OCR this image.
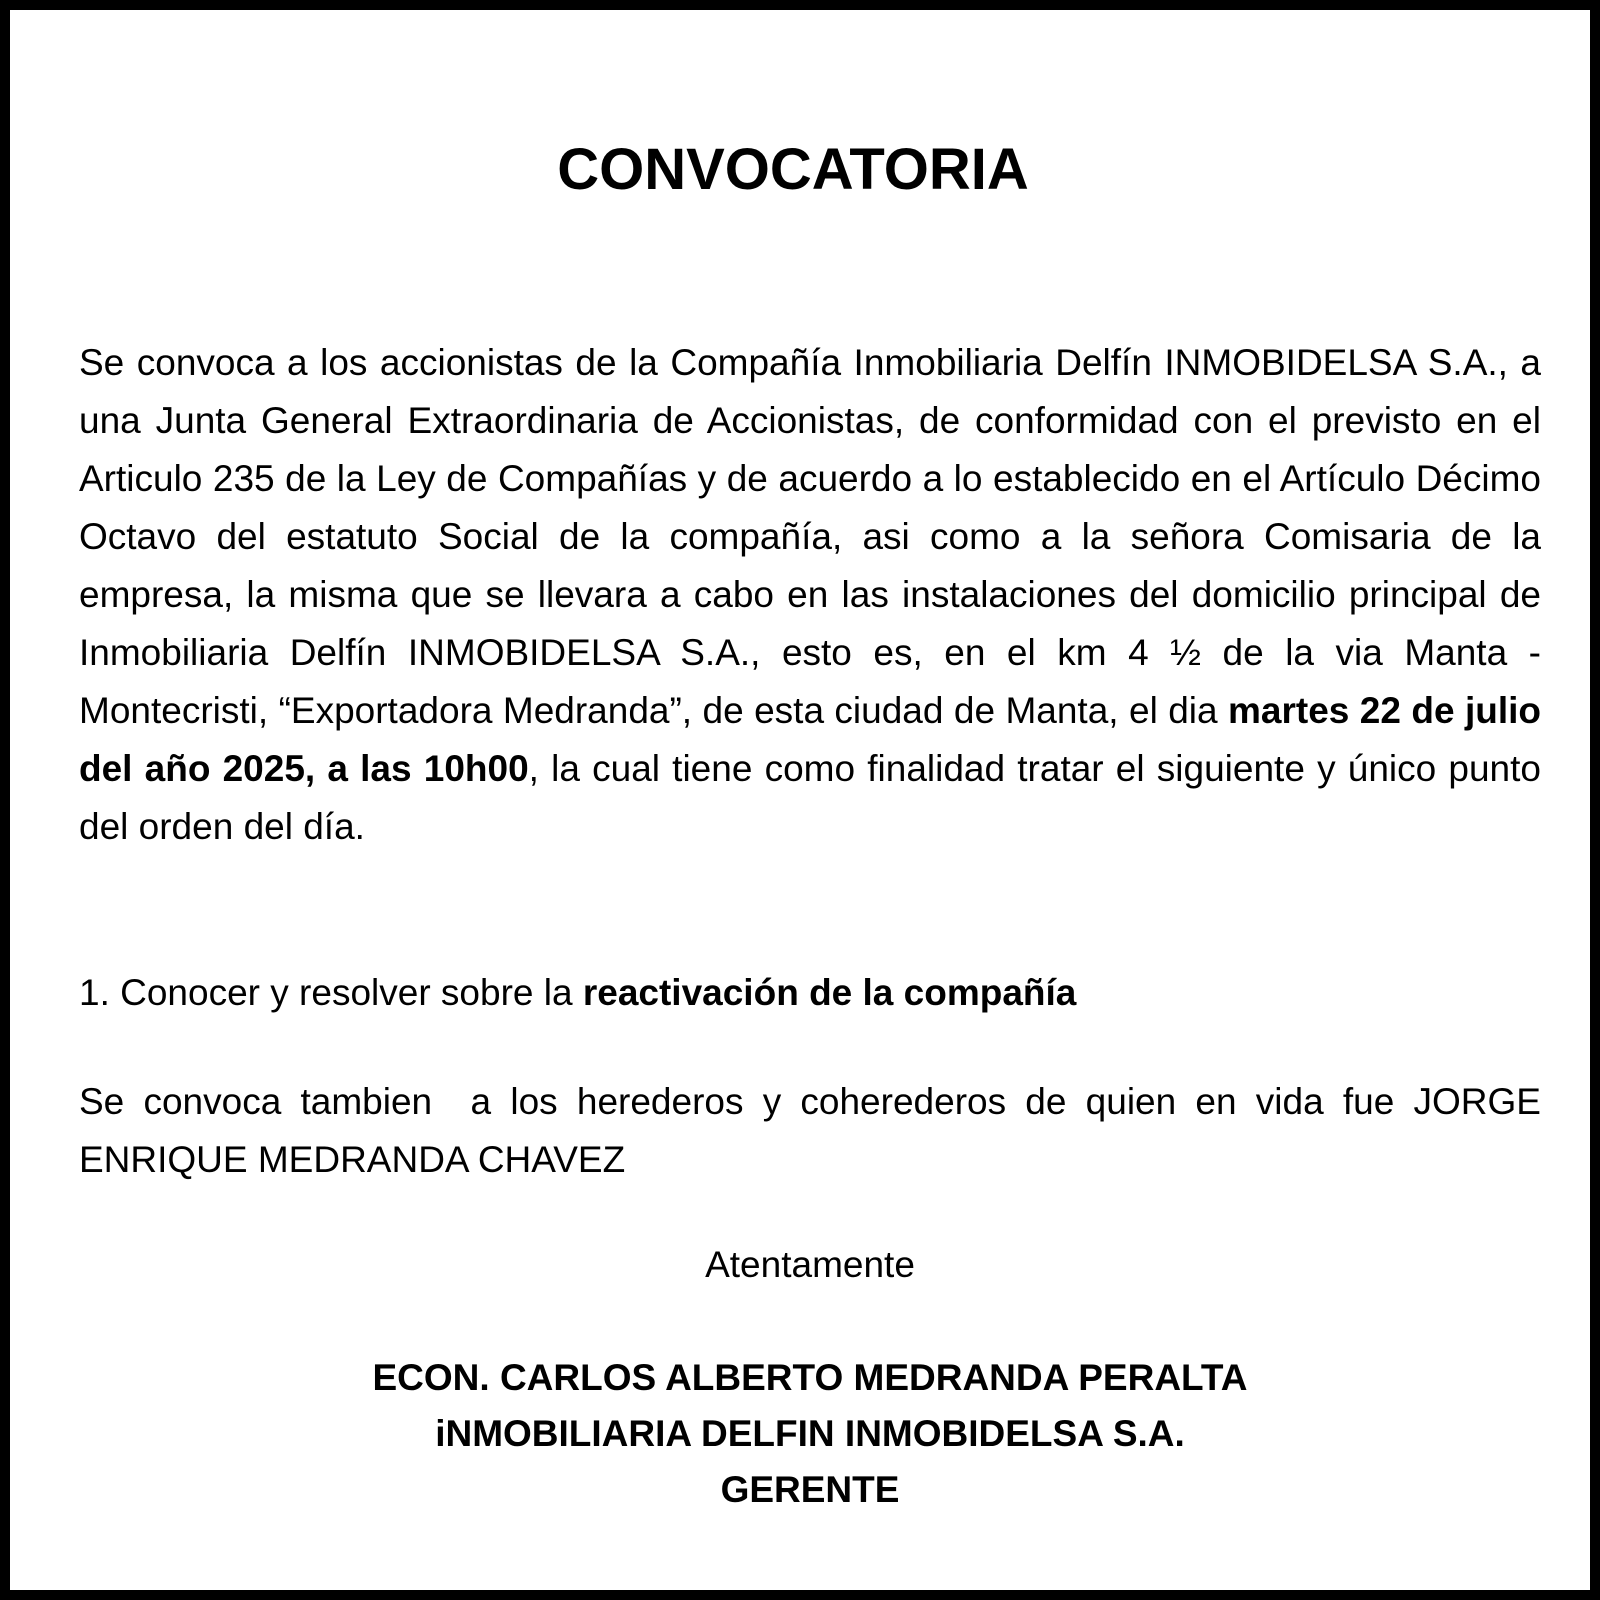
CONVOCATORIA

Se convoca a los accionistas de la Compañía Inmobiliaria Delfín INMOBIDELSA S.A., a una Junta General Extraordinaria de Accionistas, de conformidad con el previsto en el Articulo 235 de la Ley de Compañías y de acuerdo a lo establecido en el Artículo Décimo Octavo del estatuto Social de la compañía, asi como a la señora Comisaria de la empresa, la misma que se llevara a cabo en las instalaciones del domicilio principal de Inmobiliaria Delfín INMOBIDELSA S.A., esto es, en el km 4 ½ de la via Manta - Montecristi, “Exportadora Medranda”, de esta ciudad de Manta, el dia martes 22 de julio del año 2025, a las 10h00, la cual tiene como finalidad tratar el siguiente y único punto del orden del día.

1. Conocer y resolver sobre la reactivación de la compañía

Se convoca tambien  a los herederos y coherederos de quien en vida fue JORGE ENRIQUE MEDRANDA CHAVEZ

Atentamente

ECON. CARLOS ALBERTO MEDRANDA PERALTA
iNMOBILIARIA DELFIN INMOBIDELSA S.A.
GERENTE
